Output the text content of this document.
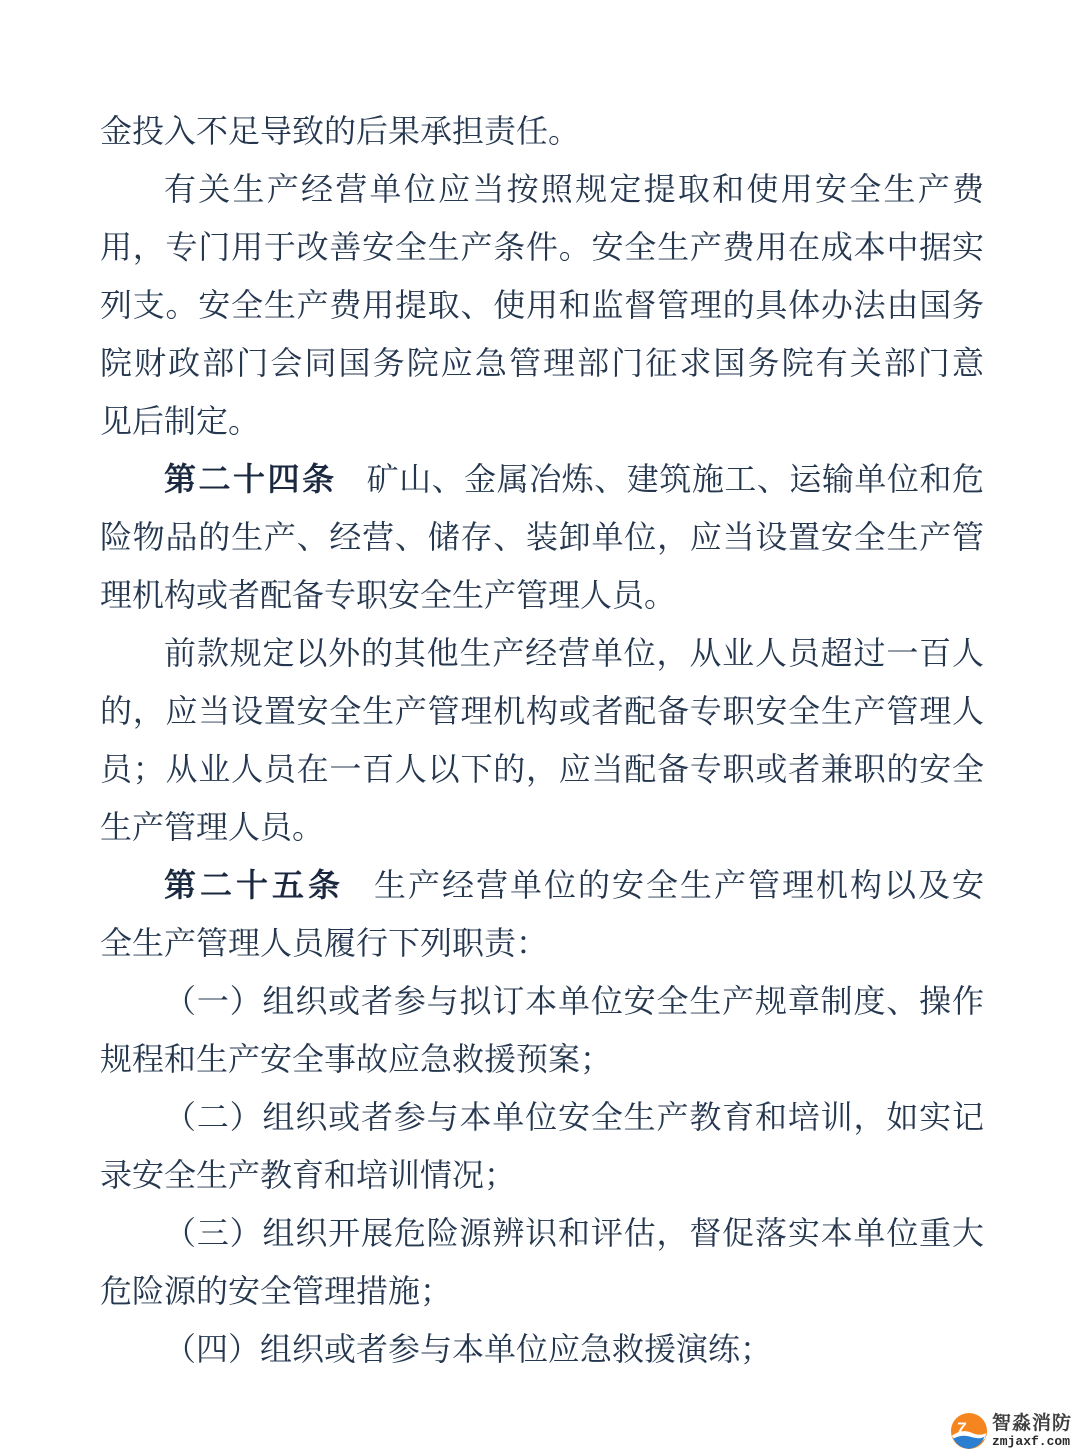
金投入不足导致的后果承担责任。
有关生产经营单位应当按照规定提取和使用安全生产费
用，专门用于改善安全生产条件。安全生产费用在成本中据实
列支。安全生产费用提取、使用和监督管理的具体办法由国务
院财政部门会同国务院应急管理部门征求国务院有关部门意
见后制定。
第二十四条 矿山、金属冶炼、建筑施工、运输单位和危
险物品的生产、经营、储存、装卸单位，应当设置安全生产管
理机构或者配备专职安全生产管理人员。
前款规定以外的其他生产经营单位，从业人员超过一百人
的，应当设置安全生产管理机构或者配备专职安全生产管理人
员；从业人员在一百人以下的，应当配备专职或者兼职的安全
生产管理人员。
第二十五条 生产经营单位的安全生产管理机构以及安
全生产管理人员履行下列职责：
（一）组织或者参与拟订本单位安全生产规章制度、操作
规程和生产安全事故应急救援预案；
（二）组织或者参与本单位安全生产教育和培训，如实记
录安全生产教育和培训情况；
（三）组织开展危险源辨识和评估，督促落实本单位重大
危险源的安全管理措施；
（四）组织或者参与本单位应急救援演练；
7 智淼消防
zmjaxf.com
